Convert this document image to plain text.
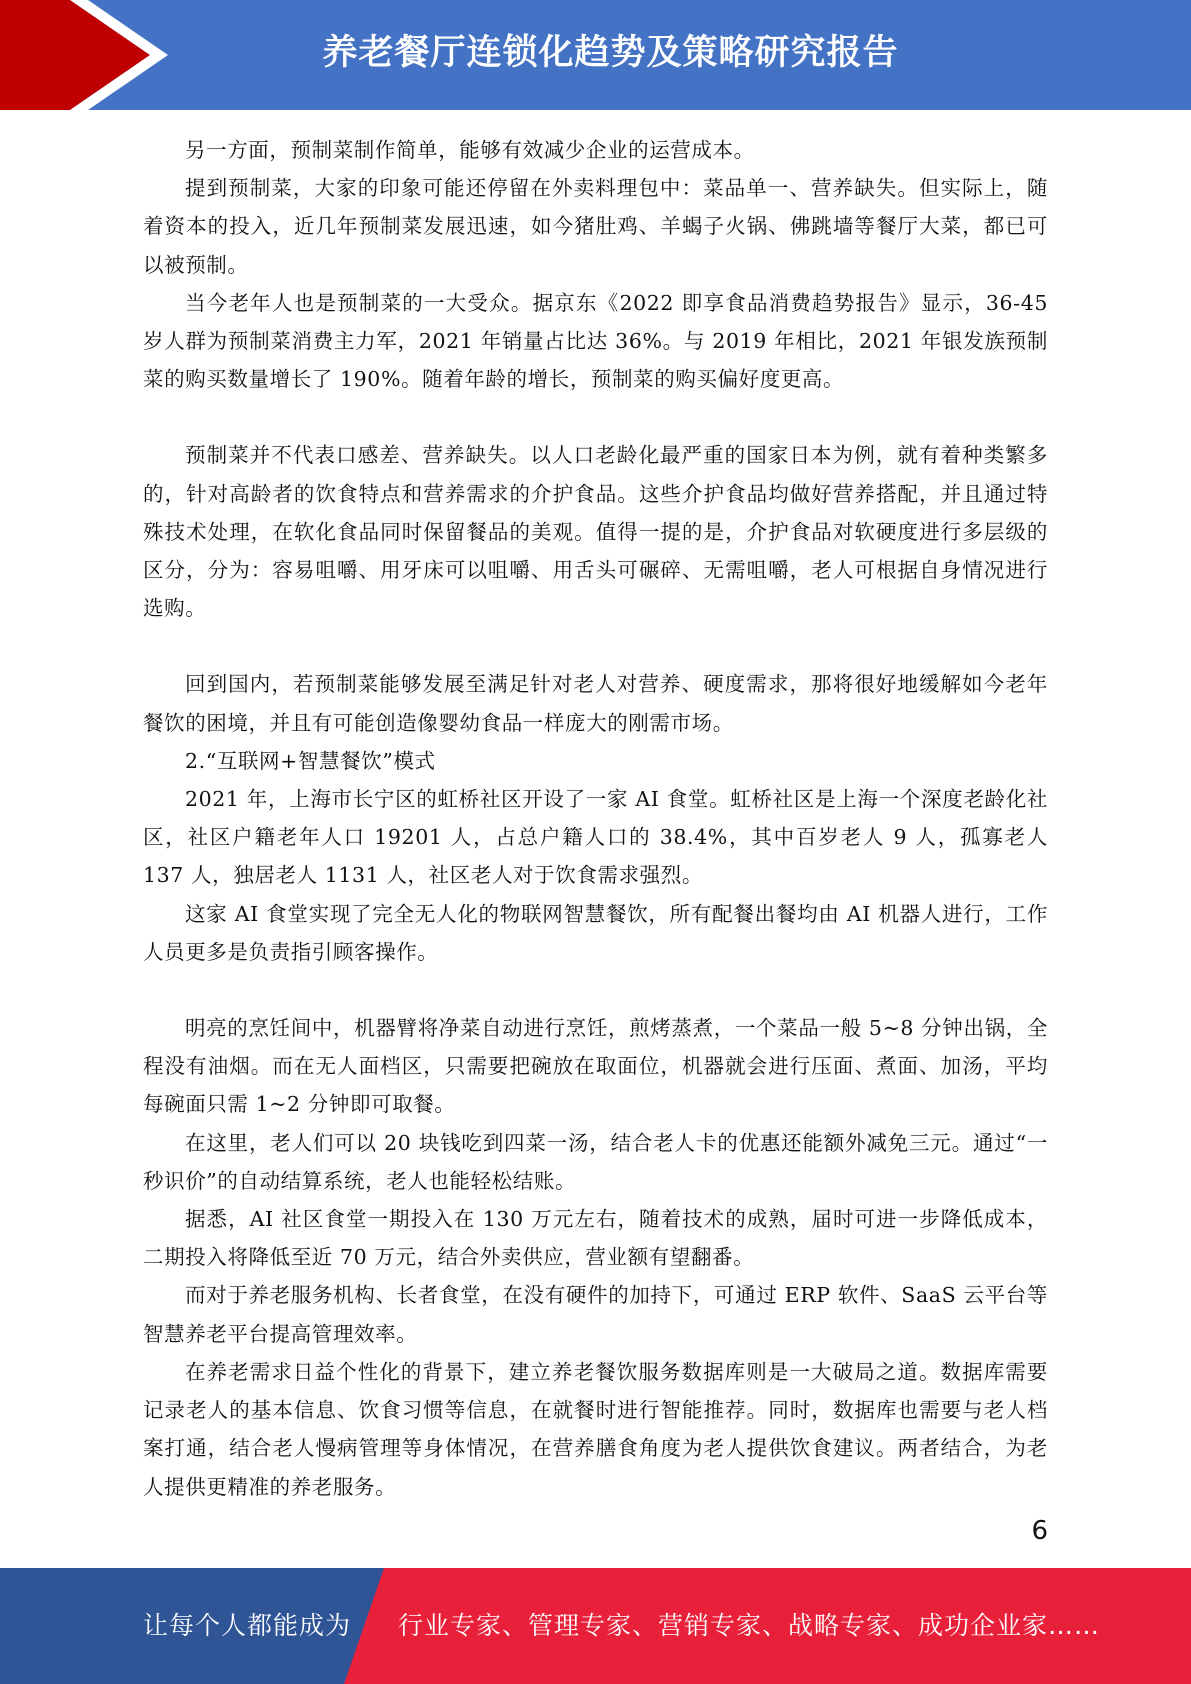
养老餐厅连锁化趋势及策略研究报告

另一方面，预制菜制作简单，能够有效减少企业的运营成本。

提到预制菜，大家的印象可能还停留在外卖料理包中：菜品单一、营养缺失。但实际上，随着资本的投入，近几年预制菜发展迅速，如今猪肚鸡、羊蝎子火锅、佛跳墙等餐厅大菜，都已可以被预制。

当今老年人也是预制菜的一大受众。据京东《2022 即享食品消费趋势报告》显示，36-45 岁人群为预制菜消费主力军，2021 年销量占比达 36%。与 2019 年相比，2021 年银发族预制菜的购买数量增长了 190%。随着年龄的增长，预制菜的购买偏好度更高。

预制菜并不代表口感差、营养缺失。以人口老龄化最严重的国家日本为例，就有着种类繁多的，针对高龄者的饮食特点和营养需求的介护食品。这些介护食品均做好营养搭配，并且通过特殊技术处理，在软化食品同时保留餐品的美观。值得一提的是，介护食品对软硬度进行多层级的区分，分为：容易咀嚼、用牙床可以咀嚼、用舌头可碾碎、无需咀嚼，老人可根据自身情况进行选购。

回到国内，若预制菜能够发展至满足针对老人对营养、硬度需求，那将很好地缓解如今老年餐饮的困境，并且有可能创造像婴幼食品一样庞大的刚需市场。

2.“互联网+智慧餐饮”模式

2021 年，上海市长宁区的虹桥社区开设了一家 AI 食堂。虹桥社区是上海一个深度老龄化社区，社区户籍老年人口 19201 人，占总户籍人口的 38.4%，其中百岁老人 9 人，孤寡老人 137 人，独居老人 1131 人，社区老人对于饮食需求强烈。

这家 AI 食堂实现了完全无人化的物联网智慧餐饮，所有配餐出餐均由 AI 机器人进行，工作人员更多是负责指引顾客操作。

明亮的烹饪间中，机器臂将净菜自动进行烹饪，煎烤蒸煮，一个菜品一般 5~8 分钟出锅，全程没有油烟。而在无人面档区，只需要把碗放在取面位，机器就会进行压面、煮面、加汤，平均每碗面只需 1~2 分钟即可取餐。

在这里，老人们可以 20 块钱吃到四菜一汤，结合老人卡的优惠还能额外减免三元。通过“一秒识价”的自动结算系统，老人也能轻松结账。

据悉，AI 社区食堂一期投入在 130 万元左右，随着技术的成熟，届时可进一步降低成本，二期投入将降低至近 70 万元，结合外卖供应，营业额有望翻番。

而对于养老服务机构、长者食堂，在没有硬件的加持下，可通过 ERP 软件、SaaS 云平台等智慧养老平台提高管理效率。

在养老需求日益个性化的背景下，建立养老餐饮服务数据库则是一大破局之道。数据库需要记录老人的基本信息、饮食习惯等信息，在就餐时进行智能推荐。同时，数据库也需要与老人档案打通，结合老人慢病管理等身体情况，在营养膳食角度为老人提供饮食建议。两者结合，为老人提供更精准的养老服务。

6
让每个人都能成为 行业专家、管理专家、营销专家、战略专家、成功企业家……
